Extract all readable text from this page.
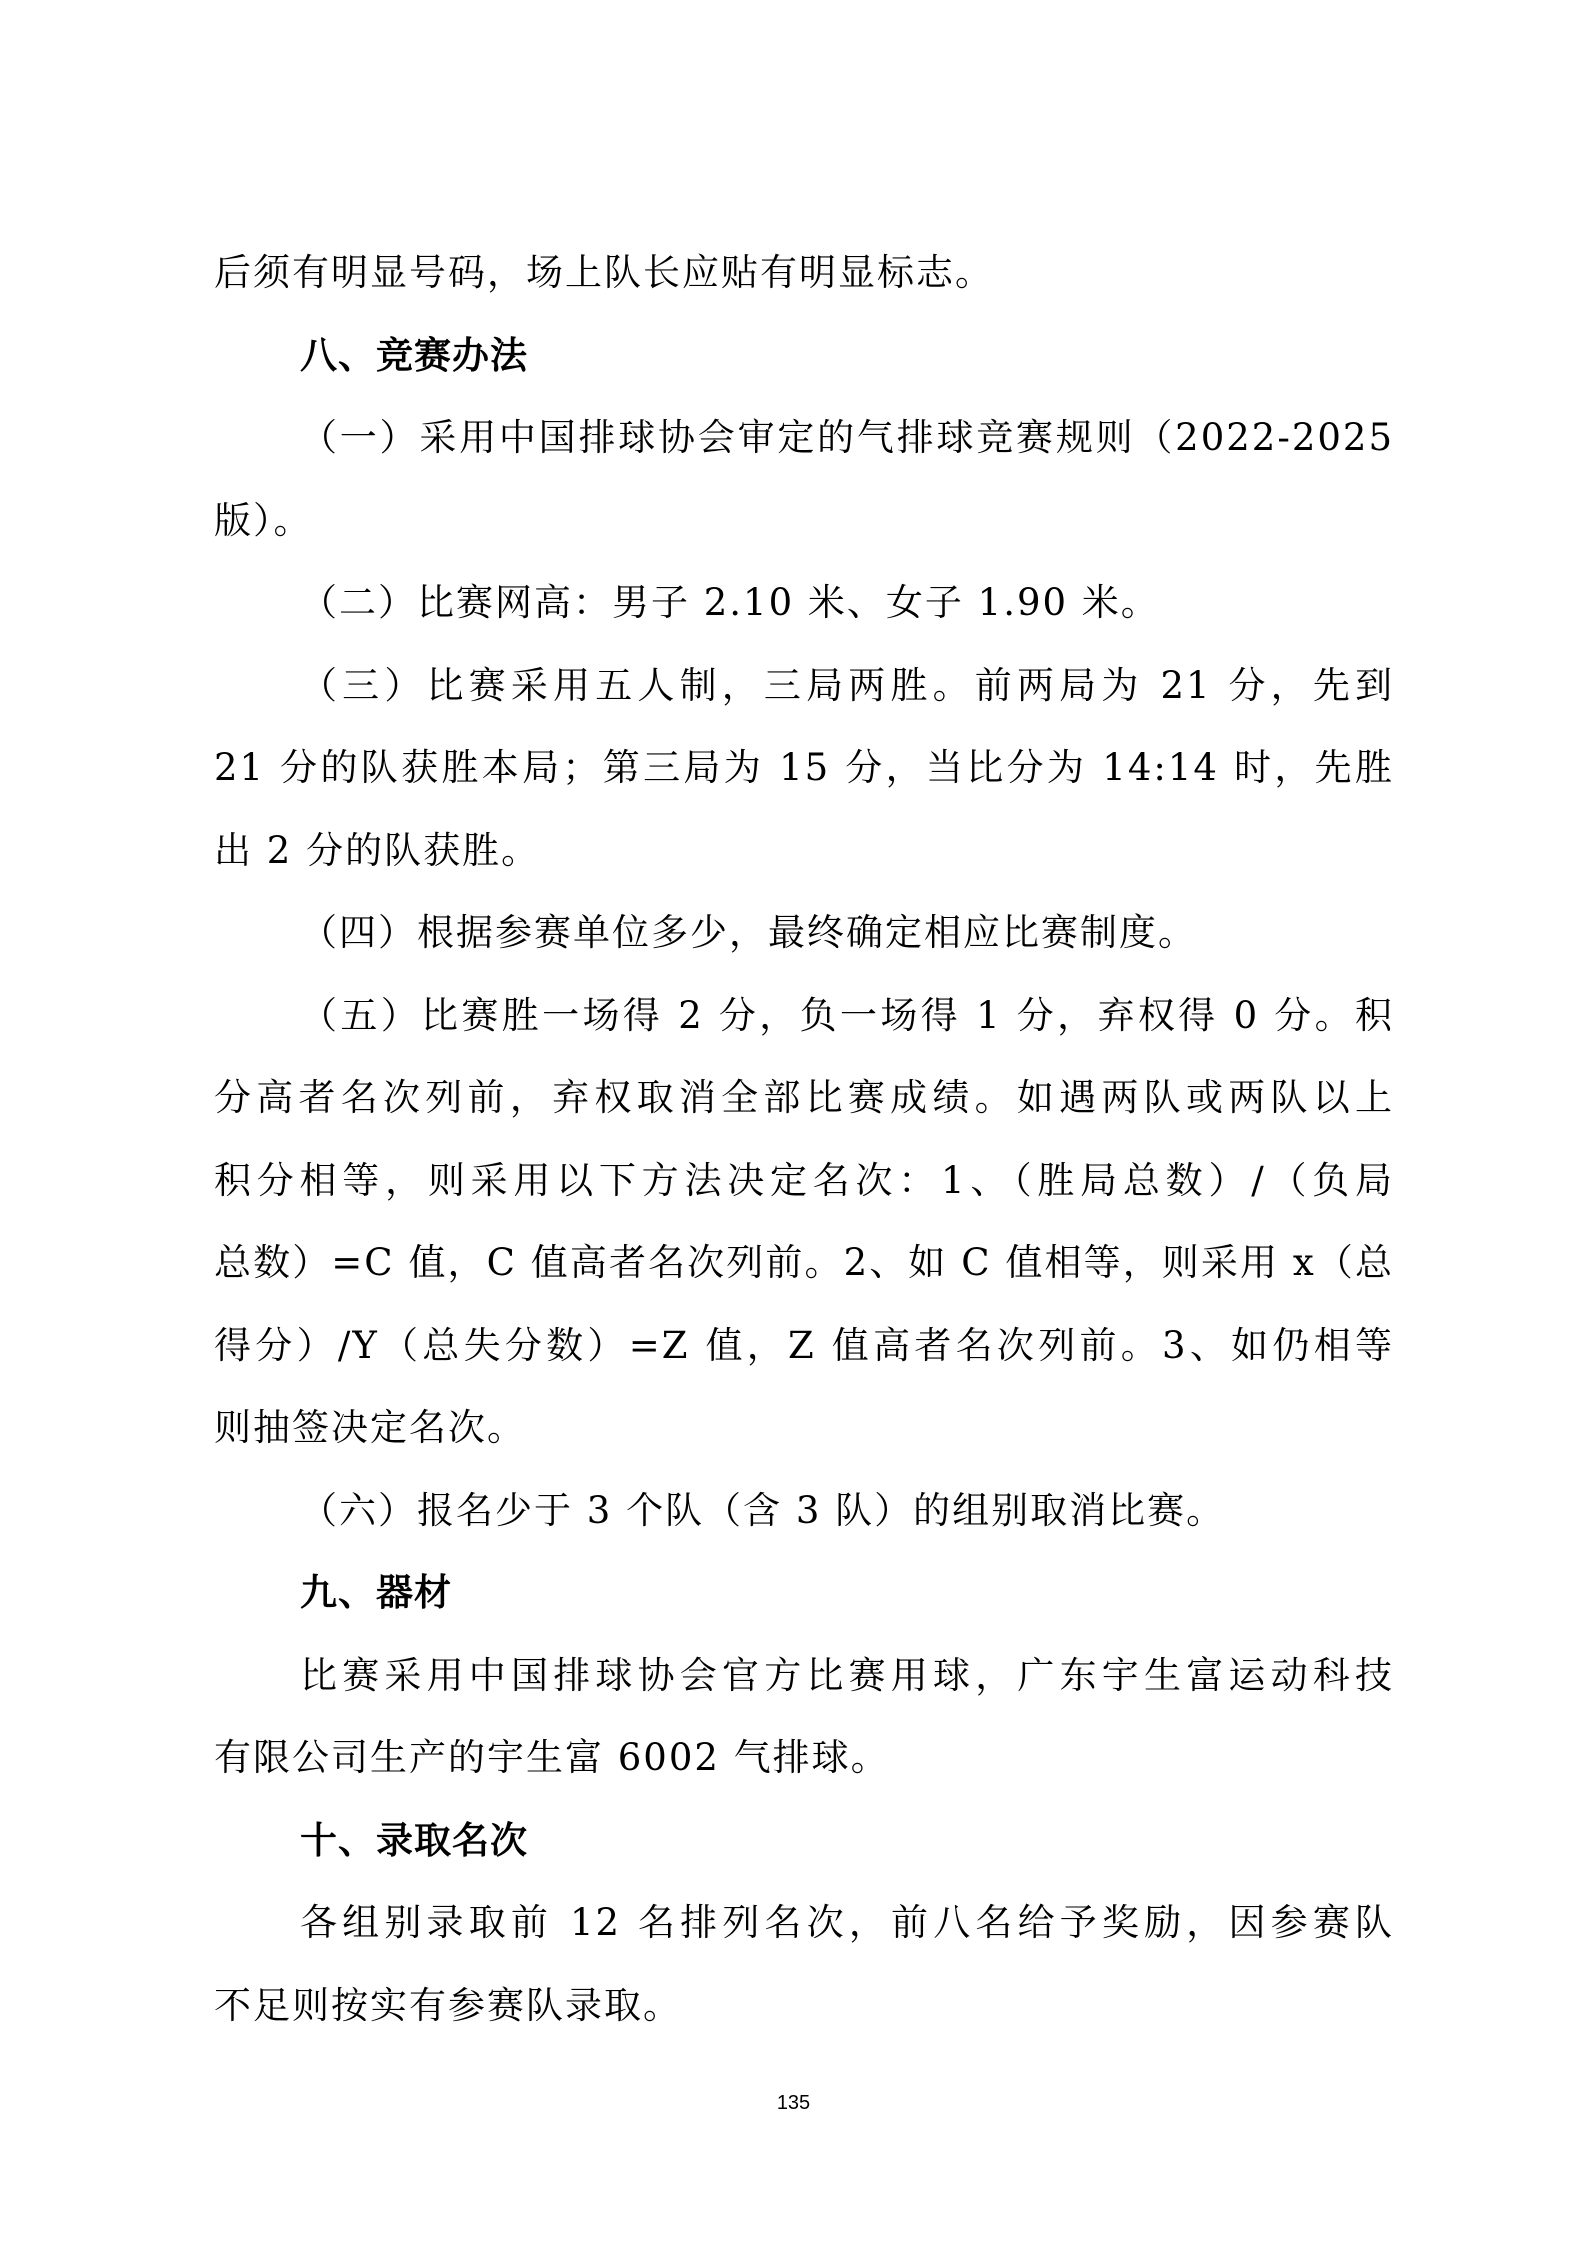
后须有明显号码，场上队长应贴有明显标志。
八、竞赛办法
（一）采用中国排球协会审定的气排球竞赛规则（2022-2025
版）。
（二）比赛网高：男子 2.10 米、女子 1.90 米。
（三）比赛采用五人制，三局两胜。前两局为 21 分，先到
21 分的队获胜本局；第三局为 15 分，当比分为 14:14 时，先胜
出 2 分的队获胜。
（四）根据参赛单位多少，最终确定相应比赛制度。
（五）比赛胜一场得 2 分，负一场得 1 分，弃权得 0 分。积
分高者名次列前，弃权取消全部比赛成绩。如遇两队或两队以上
积分相等，则采用以下方法决定名次：1、（胜局总数）/（负局
总数）=C 值，C 值高者名次列前。2、如 C 值相等，则采用 x（总
得分）/Y（总失分数）=Z 值，Z 值高者名次列前。3、如仍相等
则抽签决定名次。
（六）报名少于 3 个队（含 3 队）的组别取消比赛。
九、器材
比赛采用中国排球协会官方比赛用球，广东宇生富运动科技
有限公司生产的宇生富 6002 气排球。
十、录取名次
各组别录取前 12 名排列名次，前八名给予奖励，因参赛队
不足则按实有参赛队录取。
135
